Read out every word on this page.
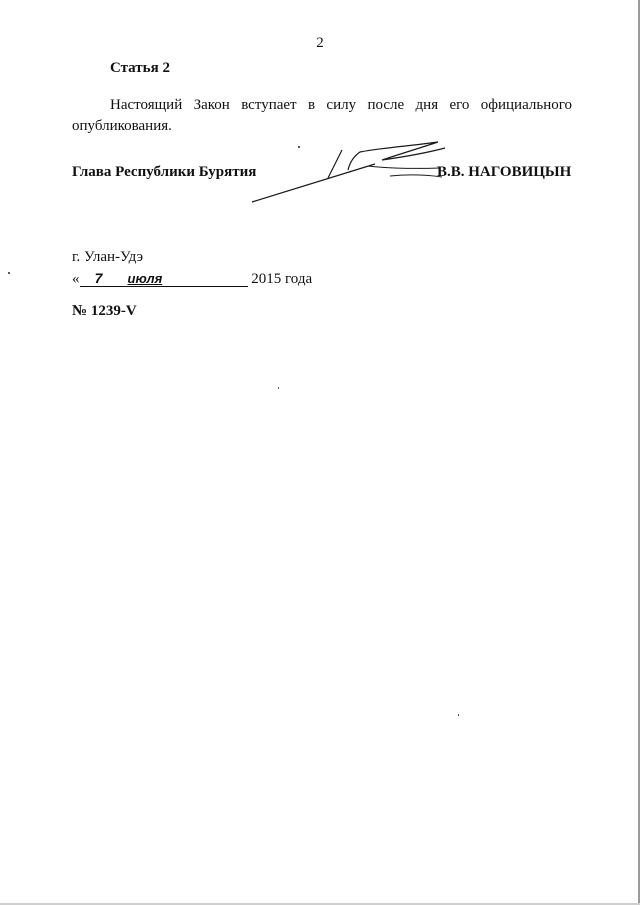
2
Статья 2
Настоящий Закон вступает в силу после дня его официального
опубликования.
Глава Республики Бурятия	В.В. НАГОВИЦЫН
г. Улан-Удэ
« 7 июля	2015 года
№ 1239-V
